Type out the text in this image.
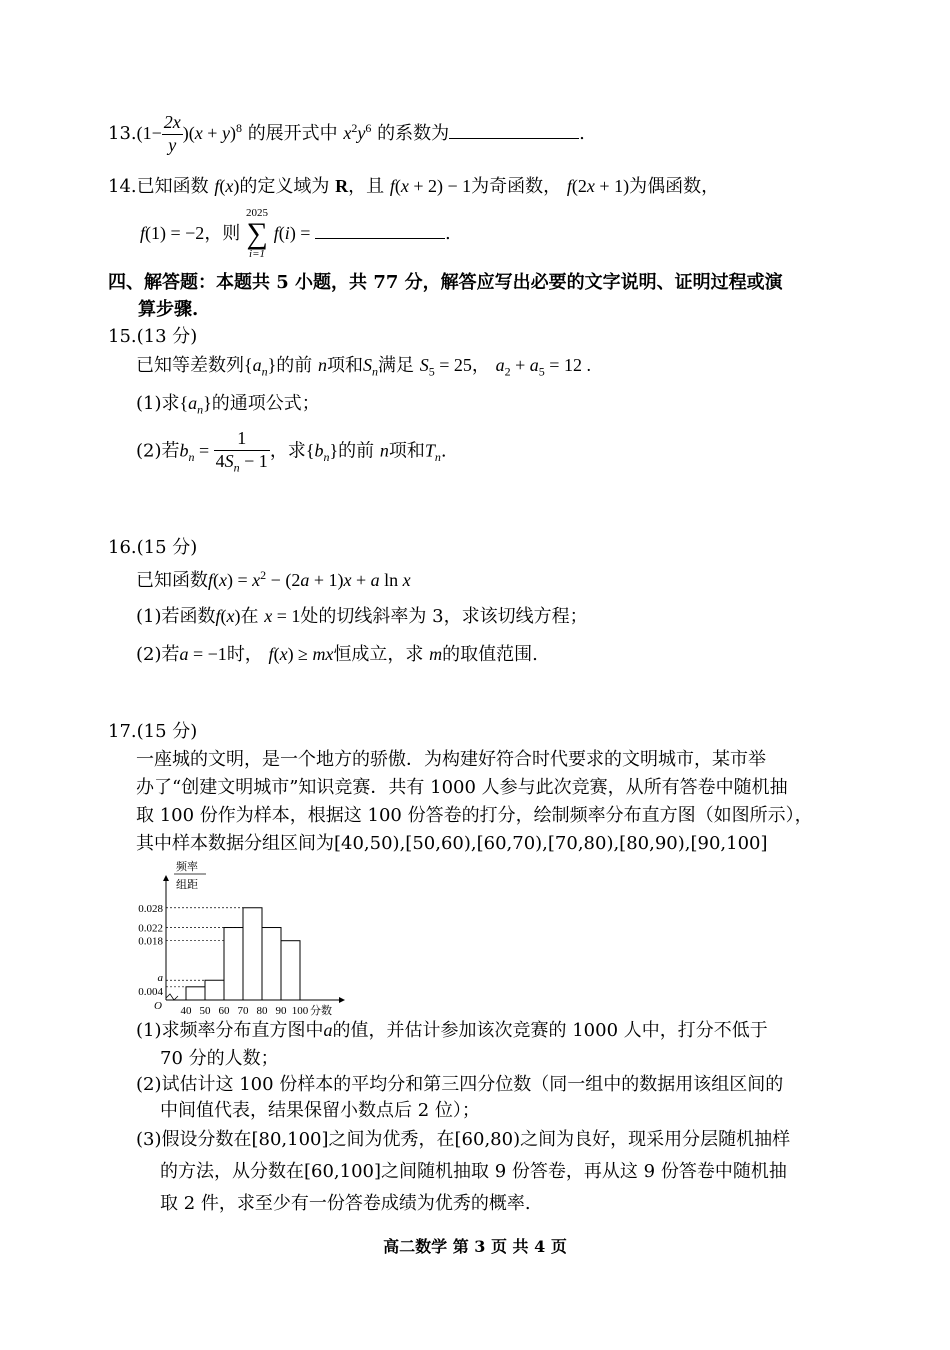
$13.(1- \frac{2x}{y} )(x + y)^8$ 的展开式中 $x^2y^6$ 的系数为	.
14.已知函数 f(x)的定义域为 R，且 f(x + 2) − 1为奇函数， f(2x + 1)为偶函数，
f(1) = −2，则
2025
∑
i=1
f(i) =	.
四、解答题：本题共 5 小题，共 77 分，解答应写出必要的文字说明、证明过程或演
算步骤.
15.(13 分)
已知等差数列$\{a_n\}$的前 n项和$S_n$满足 $S_5 = 25$， $a_2 + a_5 = 12$ .
(1)求$\{a_n\}$的通项公式；
(2)若$b_n = \frac{1}{4S_n - 1}$ ，求$\{b_n\}$的前 n项和$T_n$.
16.(15 分)
已知函数$f(x) = x^2 - (2a + 1)x + a$ ln x
(1)若函数f(x)在 x = 1处的切线斜率为 3，求该切线方程；
(2)若a = −1时， f(x) ≥ mx恒成立，求 m的取值范围.
17.(15 分)
一座城的文明，是一个地方的骄傲．为构建好符合时代要求的文明城市，某市举
办了“创建文明城市”知识竞赛．共有 1000 人参与此次竞赛，从所有答卷中随机抽
取 100 份作为样本，根据这 100 份答卷的打分，绘制频率分布直方图（如图所示），
其中样本数据分组区间为[40,50),[50,60),[60,70),[70,80),[80,90),[90,100]
频率
组距
0.004
a
0.018
0.022
0.028
40 50 60 70 80 90 100
O	分数
(1)求频率分布直方图中a的值，并估计参加该次竞赛的 1000 人中，打分不低于
70 分的人数；
(2)试估计这 100 份样本的平均分和第三四分位数（同一组中的数据用该组区间的
中间值代表，结果保留小数点后 2 位）；
(3)假设分数在[80,100]之间为优秀，在[60,80)之间为良好，现采用分层随机抽样
的方法，从分数在[60,100]之间随机抽取 9 份答卷，再从这 9 份答卷中随机抽
取 2 件，求至少有一份答卷成绩为优秀的概率.
高二数学 第 3 页 共 4 页
